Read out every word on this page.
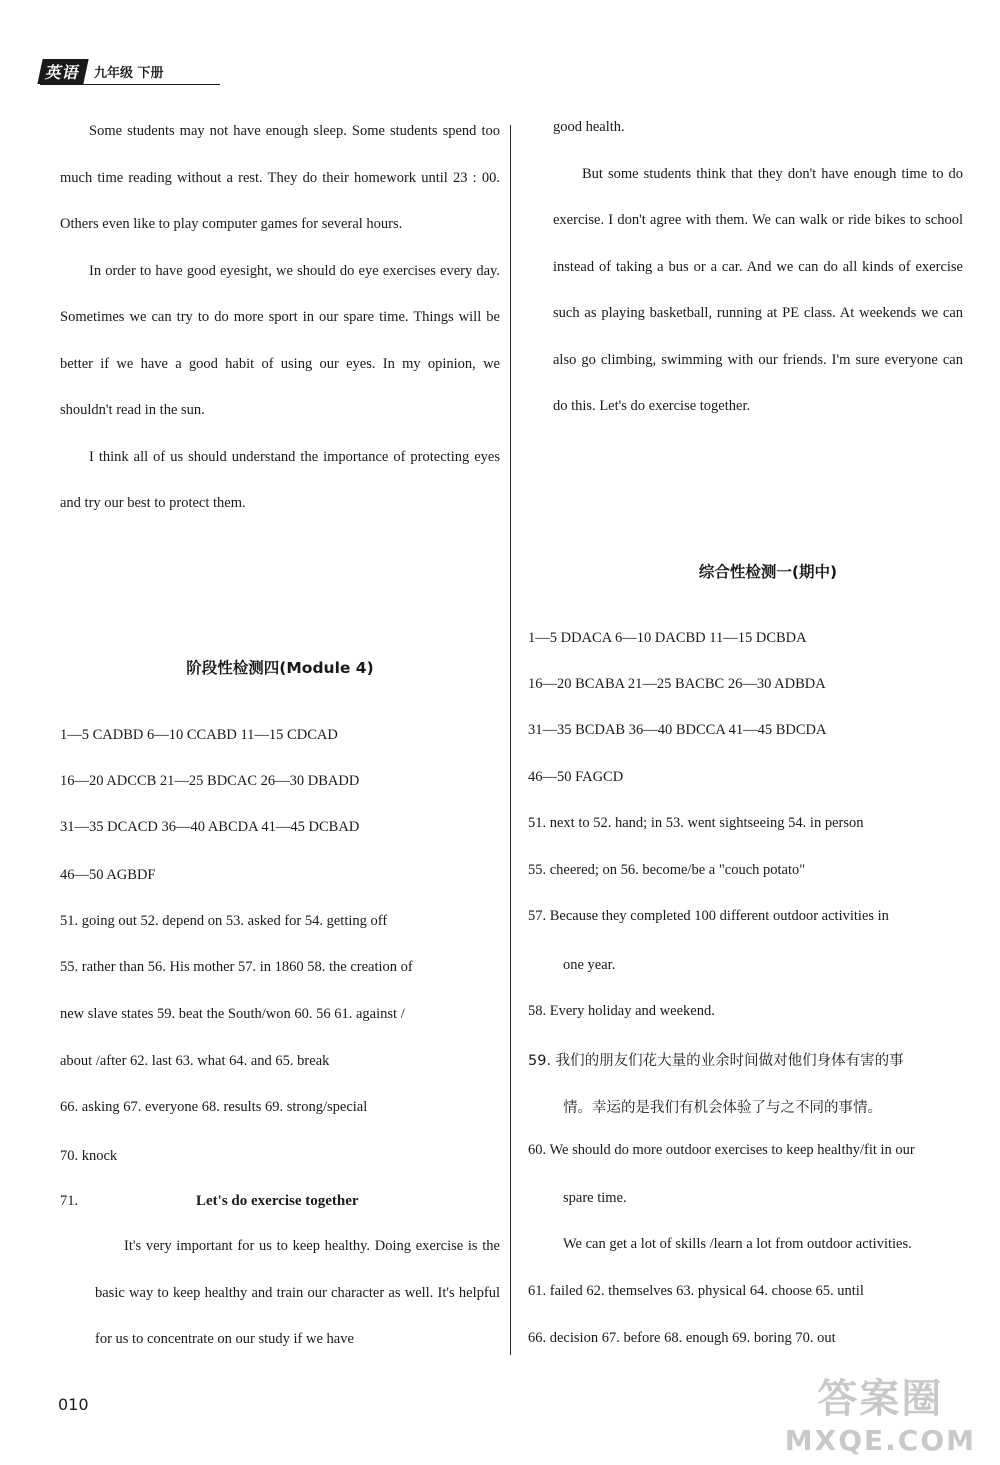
英语 九年级 下册

Some students may not have enough sleep. Some students spend too much time reading without a rest. They do their homework until 23 : 00. Others even like to play computer games for several hours.

In order to have good eyesight, we should do eye exercises every day. Sometimes we can try to do more sport in our spare time. Things will be better if we have a good habit of using our eyes. In my opinion, we shouldn't read in the sun.

I think all of us should understand the importance of protecting eyes and try our best to protect them.

阶段性检测四(Module 4)
1—5 CADBD 6—10 CCABD 11—15 CDCAD
16—20 ADCCB 21—25 BDCAC 26—30 DBADD
31—35 DCACD 36—40 ABCDA 41—45 DCBAD
46—50 AGBDF
51. going out 52. depend on 53. asked for 54. getting off
55. rather than 56. His mother 57. in 1860 58. the creation of
new slave states 59. beat the South/won 60. 56 61. against /
about /after 62. last 63. what 64. and 65. break
66. asking 67. everyone 68. results 69. strong/special
70. knock
71.	Let's do exercise together

It's very important for us to keep healthy. Doing exercise is the basic way to keep healthy and train our character as well. It's helpful for us to concentrate on our study if we have

good health.

But some students think that they don't have enough time to do exercise. I don't agree with them. We can walk or ride bikes to school instead of taking a bus or a car. And we can do all kinds of exercise such as playing basketball, running at PE class. At weekends we can also go climbing, swimming with our friends. I'm sure everyone can do this. Let's do exercise together.

综合性检测一(期中)
1—5 DDACA 6—10 DACBD 11—15 DCBDA
16—20 BCABA 21—25 BACBC 26—30 ADBDA
31—35 BCDAB 36—40 BDCCA 41—45 BDCDA
46—50 FAGCD
51. next to 52. hand; in 53. went sightseeing 54. in person
55. cheered; on 56. become/be a "couch potato"
57. Because they completed 100 different outdoor activities in
one year.
58. Every holiday and weekend.
59. 我们的朋友们花大量的业余时间做对他们身体有害的事
情。幸运的是我们有机会体验了与之不同的事情。
60. We should do more outdoor exercises to keep healthy/fit in our
spare time.
We can get a lot of skills /learn a lot from outdoor activities.
61. failed 62. themselves 63. physical 64. choose 65. until
66. decision 67. before 68. enough 69. boring 70. out
010	答案圈
MXQE.COM
